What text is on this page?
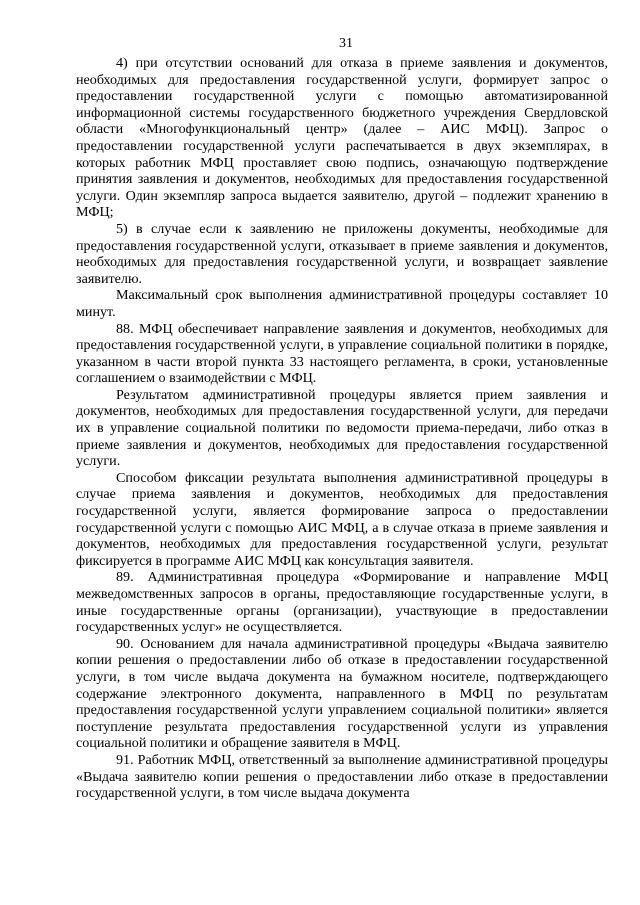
31

4) при отсутствии оснований для отказа в приеме заявления и документов, необходимых для предоставления государственной услуги, формирует запрос о предоставлении государственной услуги с помощью автоматизированной информационной системы государственного бюджетного учреждения Свердловской области «Многофункциональный центр» (далее – АИС МФЦ). Запрос о предоставлении государственной услуги распечатывается в двух экземплярах, в которых работник МФЦ проставляет свою подпись, означающую подтверждение принятия заявления и документов, необходимых для предоставления государственной услуги. Один экземпляр запроса выдается заявителю, другой – подлежит хранению в МФЦ;

5) в случае если к заявлению не приложены документы, необходимые для предоставления государственной услуги, отказывает в приеме заявления и документов, необходимых для предоставления государственной услуги, и возвращает заявление заявителю.

Максимальный срок выполнения административной процедуры составляет 10 минут.

88. МФЦ обеспечивает направление заявления и документов, необходимых для предоставления государственной услуги, в управление социальной политики в порядке, указанном в части второй пункта 33 настоящего регламента, в сроки, установленные соглашением о взаимодействии с МФЦ.

Результатом административной процедуры является прием заявления и документов, необходимых для предоставления государственной услуги, для передачи их в управление социальной политики по ведомости приема-передачи, либо отказ в приеме заявления и документов, необходимых для предоставления государственной услуги.

Способом фиксации результата выполнения административной процедуры в случае приема заявления и документов, необходимых для предоставления государственной услуги, является формирование запроса о предоставлении государственной услуги с помощью АИС МФЦ, а в случае отказа в приеме заявления и документов, необходимых для предоставления государственной услуги, результат фиксируется в программе АИС МФЦ как консультация заявителя.

89. Административная процедура «Формирование и направление МФЦ межведомственных запросов в органы, предоставляющие государственные услуги, в иные государственные органы (организации), участвующие в предоставлении государственных услуг» не осуществляется.

90. Основанием для начала административной процедуры «Выдача заявителю копии решения о предоставлении либо об отказе в предоставлении государственной услуги, в том числе выдача документа на бумажном носителе, подтверждающего содержание электронного документа, направленного в МФЦ по результатам предоставления государственной услуги управлением социальной политики» является поступление результата предоставления государственной услуги из управления социальной политики и обращение заявителя в МФЦ.

91. Работник МФЦ, ответственный за выполнение административной процедуры «Выдача заявителю копии решения о предоставлении либо отказе в предоставлении государственной услуги, в том числе выдача документа
